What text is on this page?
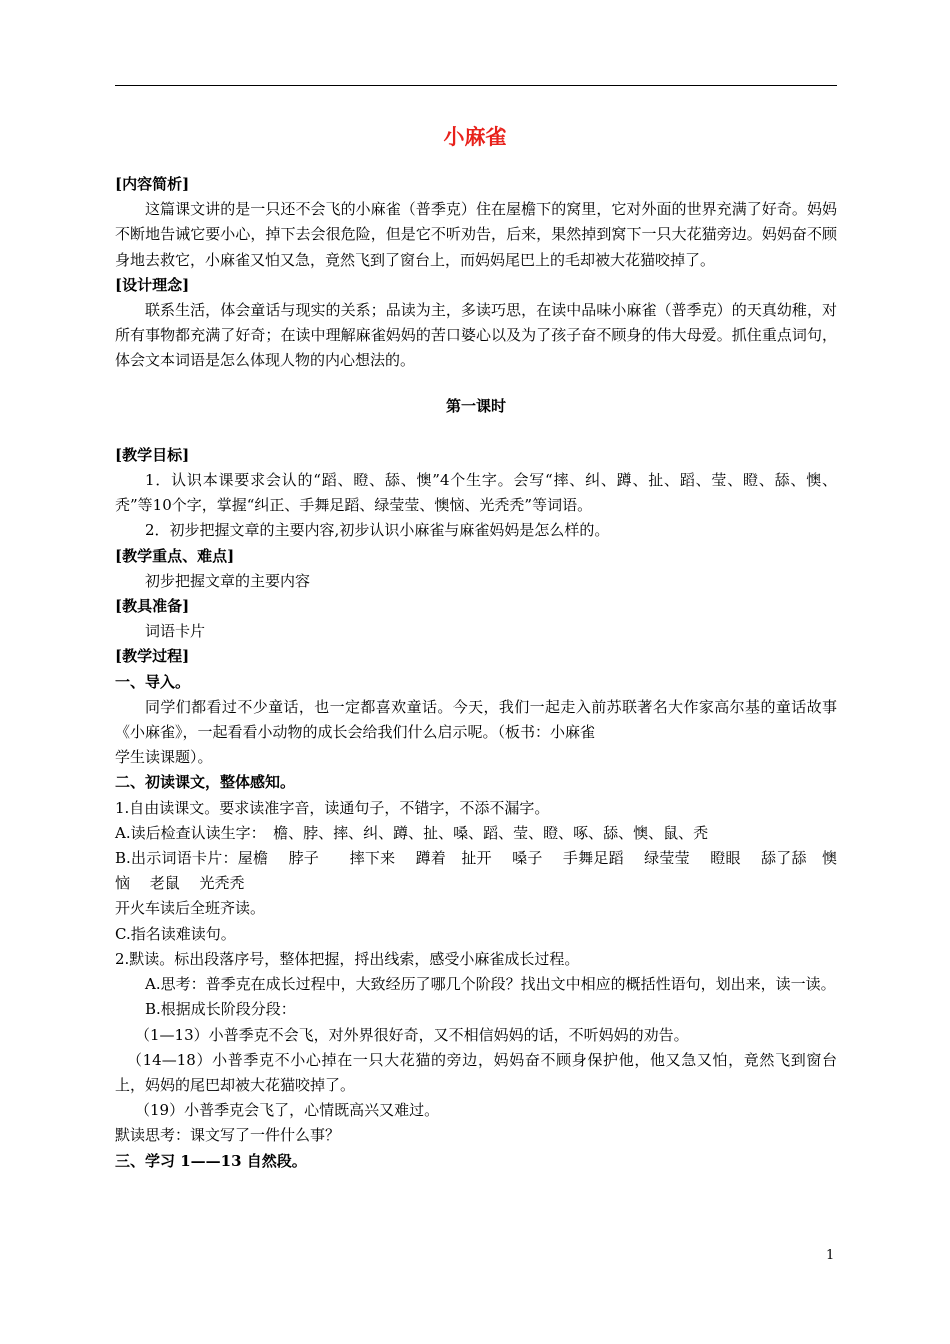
小麻雀

[内容简析]

这篇课文讲的是一只还不会飞的小麻雀（普季克）住在屋檐下的窝里，它对外面的世界充满了好奇。妈妈不断地告诫它要小心，掉下去会很危险，但是它不听劝告，后来，果然掉到窝下一只大花猫旁边。妈妈奋不顾身地去救它，小麻雀又怕又急，竟然飞到了窗台上，而妈妈尾巴上的毛却被大花猫咬掉了。

[设计理念]

联系生活，体会童话与现实的关系；品读为主，多读巧思，在读中品味小麻雀（普季克）的天真幼稚，对所有事物都充满了好奇；在读中理解麻雀妈妈的苦口婆心以及为了孩子奋不顾身的伟大母爱。抓住重点词句，体会文本词语是怎么体现人物的内心想法的。

第一课时

[教学目标]

1．认识本课要求会认的“蹈、瞪、舔、懊”4个生字。会写“摔、纠、蹲、扯、蹈、莹、瞪、舔、懊、秃”等10个字，掌握“纠正、手舞足蹈、绿莹莹、懊恼、光秃秃”等词语。

2．初步把握文章的主要内容,初步认识小麻雀与麻雀妈妈是怎么样的。

[教学重点、难点]

初步把握文章的主要内容

[教具准备]

词语卡片

[教学过程]

一、导入。

同学们都看过不少童话，也一定都喜欢童话。今天，我们一起走入前苏联著名大作家高尔基的童话故事《小麻雀》，一起看看小动物的成长会给我们什么启示呢。（板书：小麻雀

学生读课题）。

二、初读课文，整体感知。

1.自由读课文。要求读准字音，读通句子，不错字，不添不漏字。

A.读后检查认读生字：　檐、脖、摔、纠、蹲、扯、嗓、蹈、莹、瞪、啄、舔、懊、鼠、秃

B.出示词语卡片：屋檐　 脖子　　摔下来　 蹲着　扯开　 嗓子　 手舞足蹈　 绿莹莹　 瞪眼　 舔了舔　懊恼　 老鼠　 光秃秃

开火车读后全班齐读。

C.指名读难读句。

2.默读。标出段落序号，整体把握，捋出线索，感受小麻雀成长过程。

A.思考：普季克在成长过程中，大致经历了哪几个阶段？找出文中相应的概括性语句，划出来，读一读。

B.根据成长阶段分段：

（1—13）小普季克不会飞，对外界很好奇，又不相信妈妈的话，不听妈妈的劝告。

（14—18）小普季克不小心掉在一只大花猫的旁边，妈妈奋不顾身保护他，他又急又怕，竟然飞到窗台上，妈妈的尾巴却被大花猫咬掉了。

（19）小普季克会飞了，心情既高兴又难过。

默读思考：课文写了一件什么事？

三、学习 1——13 自然段。

1
